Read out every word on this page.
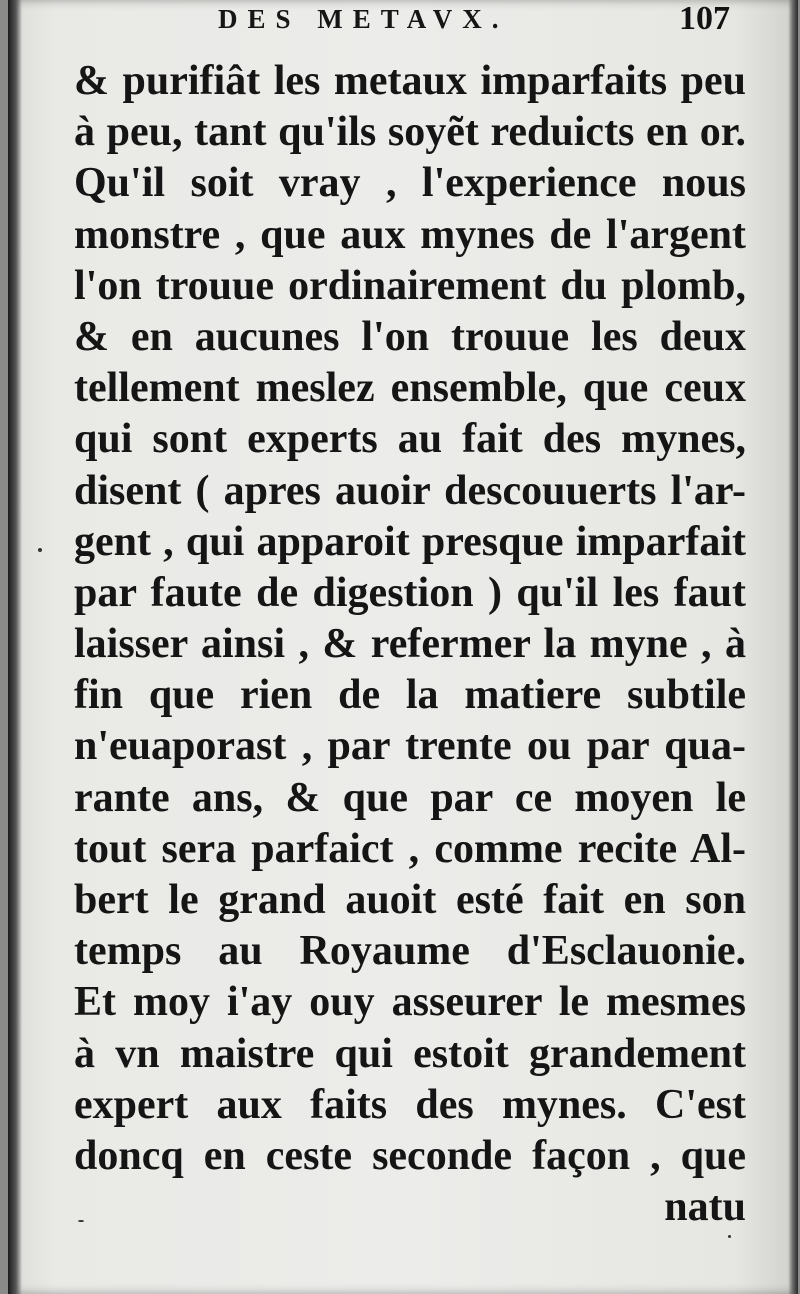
DES METAVX.	107
& purifiât les metaux imparfaits peu
à peu, tant qu'ils soyẽt reduicts en or.
Qu'il soit vray , l'experience nous
monstre , que aux mynes de l'argent
l'on trouue ordinairement du plomb,
& en aucunes l'on trouue les deux
tellement meslez ensemble, que ceux
qui sont experts au fait des mynes,
disent ( apres auoir descouuerts l'ar-
gent , qui apparoit presque imparfait
par faute de digestion ) qu'il les faut
laisser ainsi , & refermer la myne , à
fin que rien de la matiere subtile
n'euaporast , par trente ou par qua-
rante ans, & que par ce moyen le
tout sera parfaict , comme recite Al-
bert le grand auoit esté fait en son
temps au Royaume d'Esclauonie.
Et moy i'ay ouy asseurer le mesmes
à vn maistre qui estoit grandement
expert aux faits des mynes. C'est
doncq en ceste seconde façon , que
natu
